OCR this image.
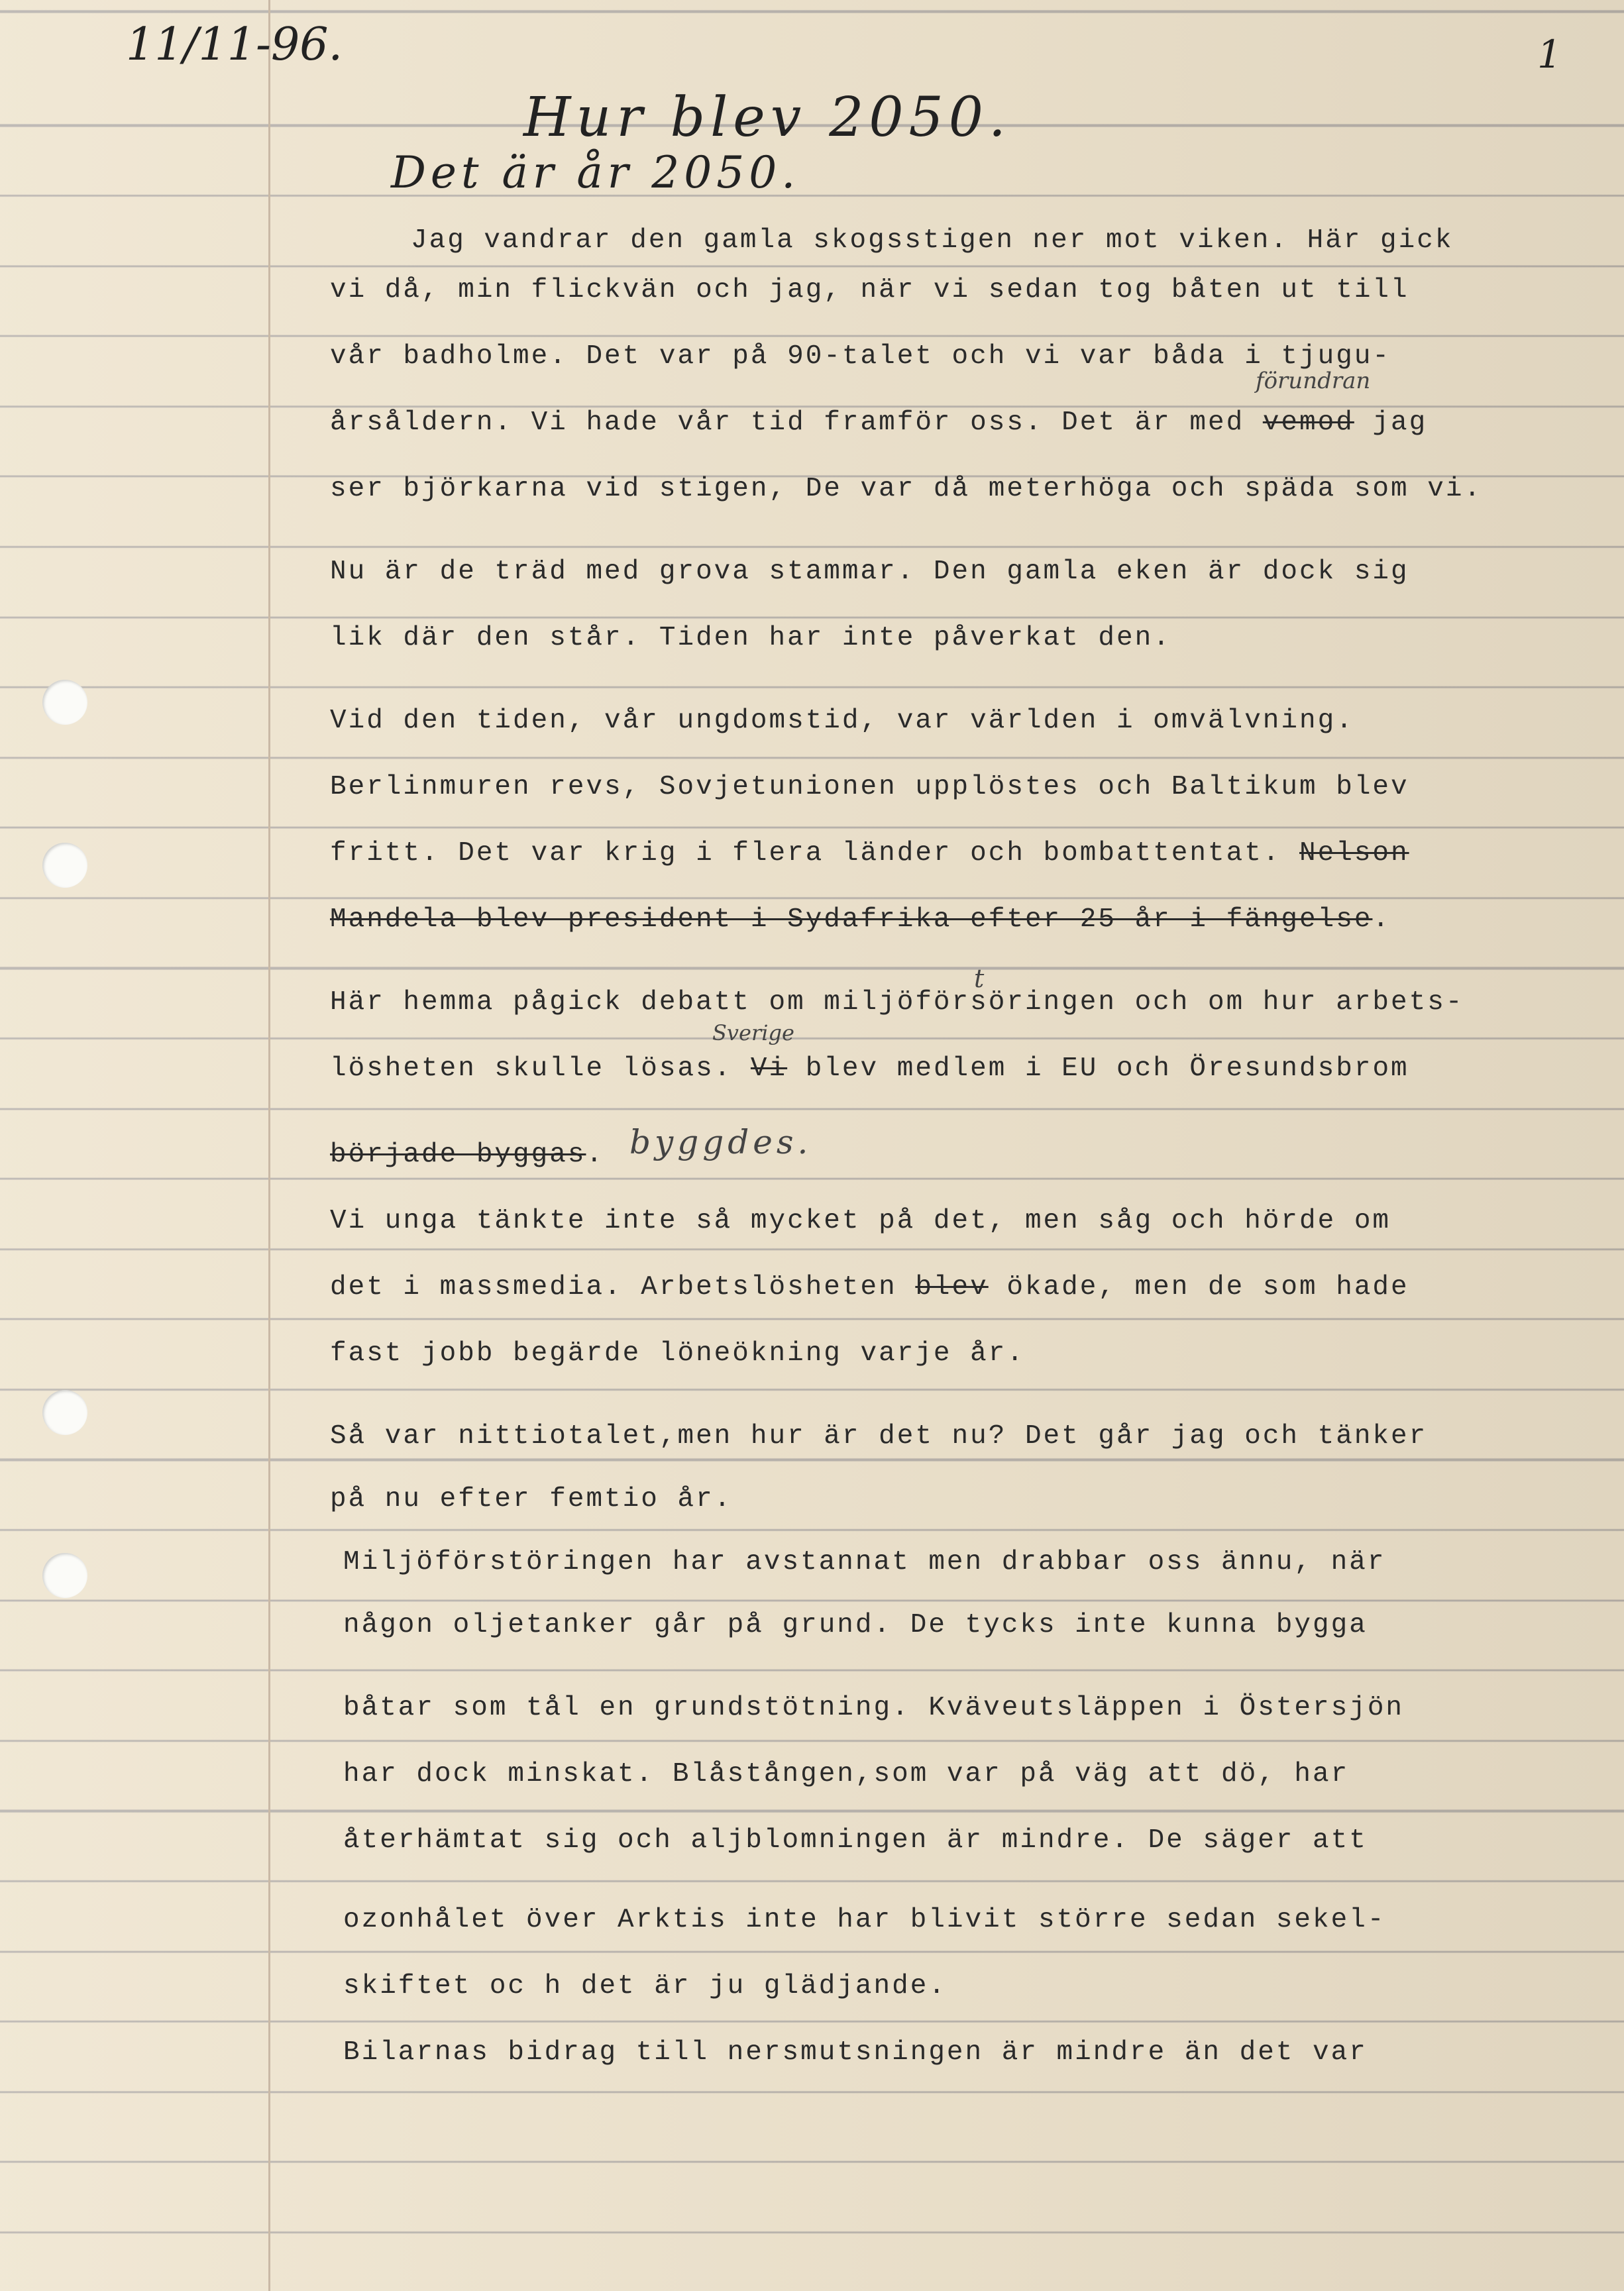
11/11-96.	1
Hur blev 2050.
Det är år 2050.
förundran
t
Sverige
byggdes.
Jag vandrar den gamla skogsstigen ner mot viken. Här gick
vi då, min flickvän och jag, när vi sedan tog båten ut till
vår badholme. Det var på 90-talet och vi var båda i tjugu-
årsåldern. Vi hade vår tid framför oss. Det är med vemod jag
ser björkarna vid stigen, De var då meterhöga och späda som vi.
Nu är de träd med grova stammar. Den gamla eken är dock sig
lik där den står. Tiden har inte påverkat den.
Vid den tiden, vår ungdomstid, var världen i omvälvning.
Berlinmuren revs, Sovjetunionen upplöstes och Baltikum blev
fritt. Det var krig i flera länder och bombattentat. Nelson
Mandela blev president i Sydafrika efter 25 år i fängelse.
Här hemma pågick debatt om miljöförsöringen och om hur arbets-
lösheten skulle lösas. Vi blev medlem i EU och Öresundsbrom
började byggas.
Vi unga tänkte inte så mycket på det, men såg och hörde om
det i massmedia. Arbetslösheten blev ökade, men de som hade
fast jobb begärde löneökning varje år.
Så var nittiotalet,men hur är det nu? Det går jag och tänker
på nu efter femtio år.
Miljöförstöringen har avstannat men drabbar oss ännu, när
någon oljetanker går på grund. De tycks inte kunna bygga
båtar som tål en grundstötning. Kväveutsläppen i Östersjön
har dock minskat. Blåstången,som var på väg att dö, har
återhämtat sig och aljblomningen är mindre. De säger att
ozonhålet över Arktis inte har blivit större sedan sekel-
skiftet oc h det är ju glädjande.
Bilarnas bidrag till nersmutsningen är mindre än det var
